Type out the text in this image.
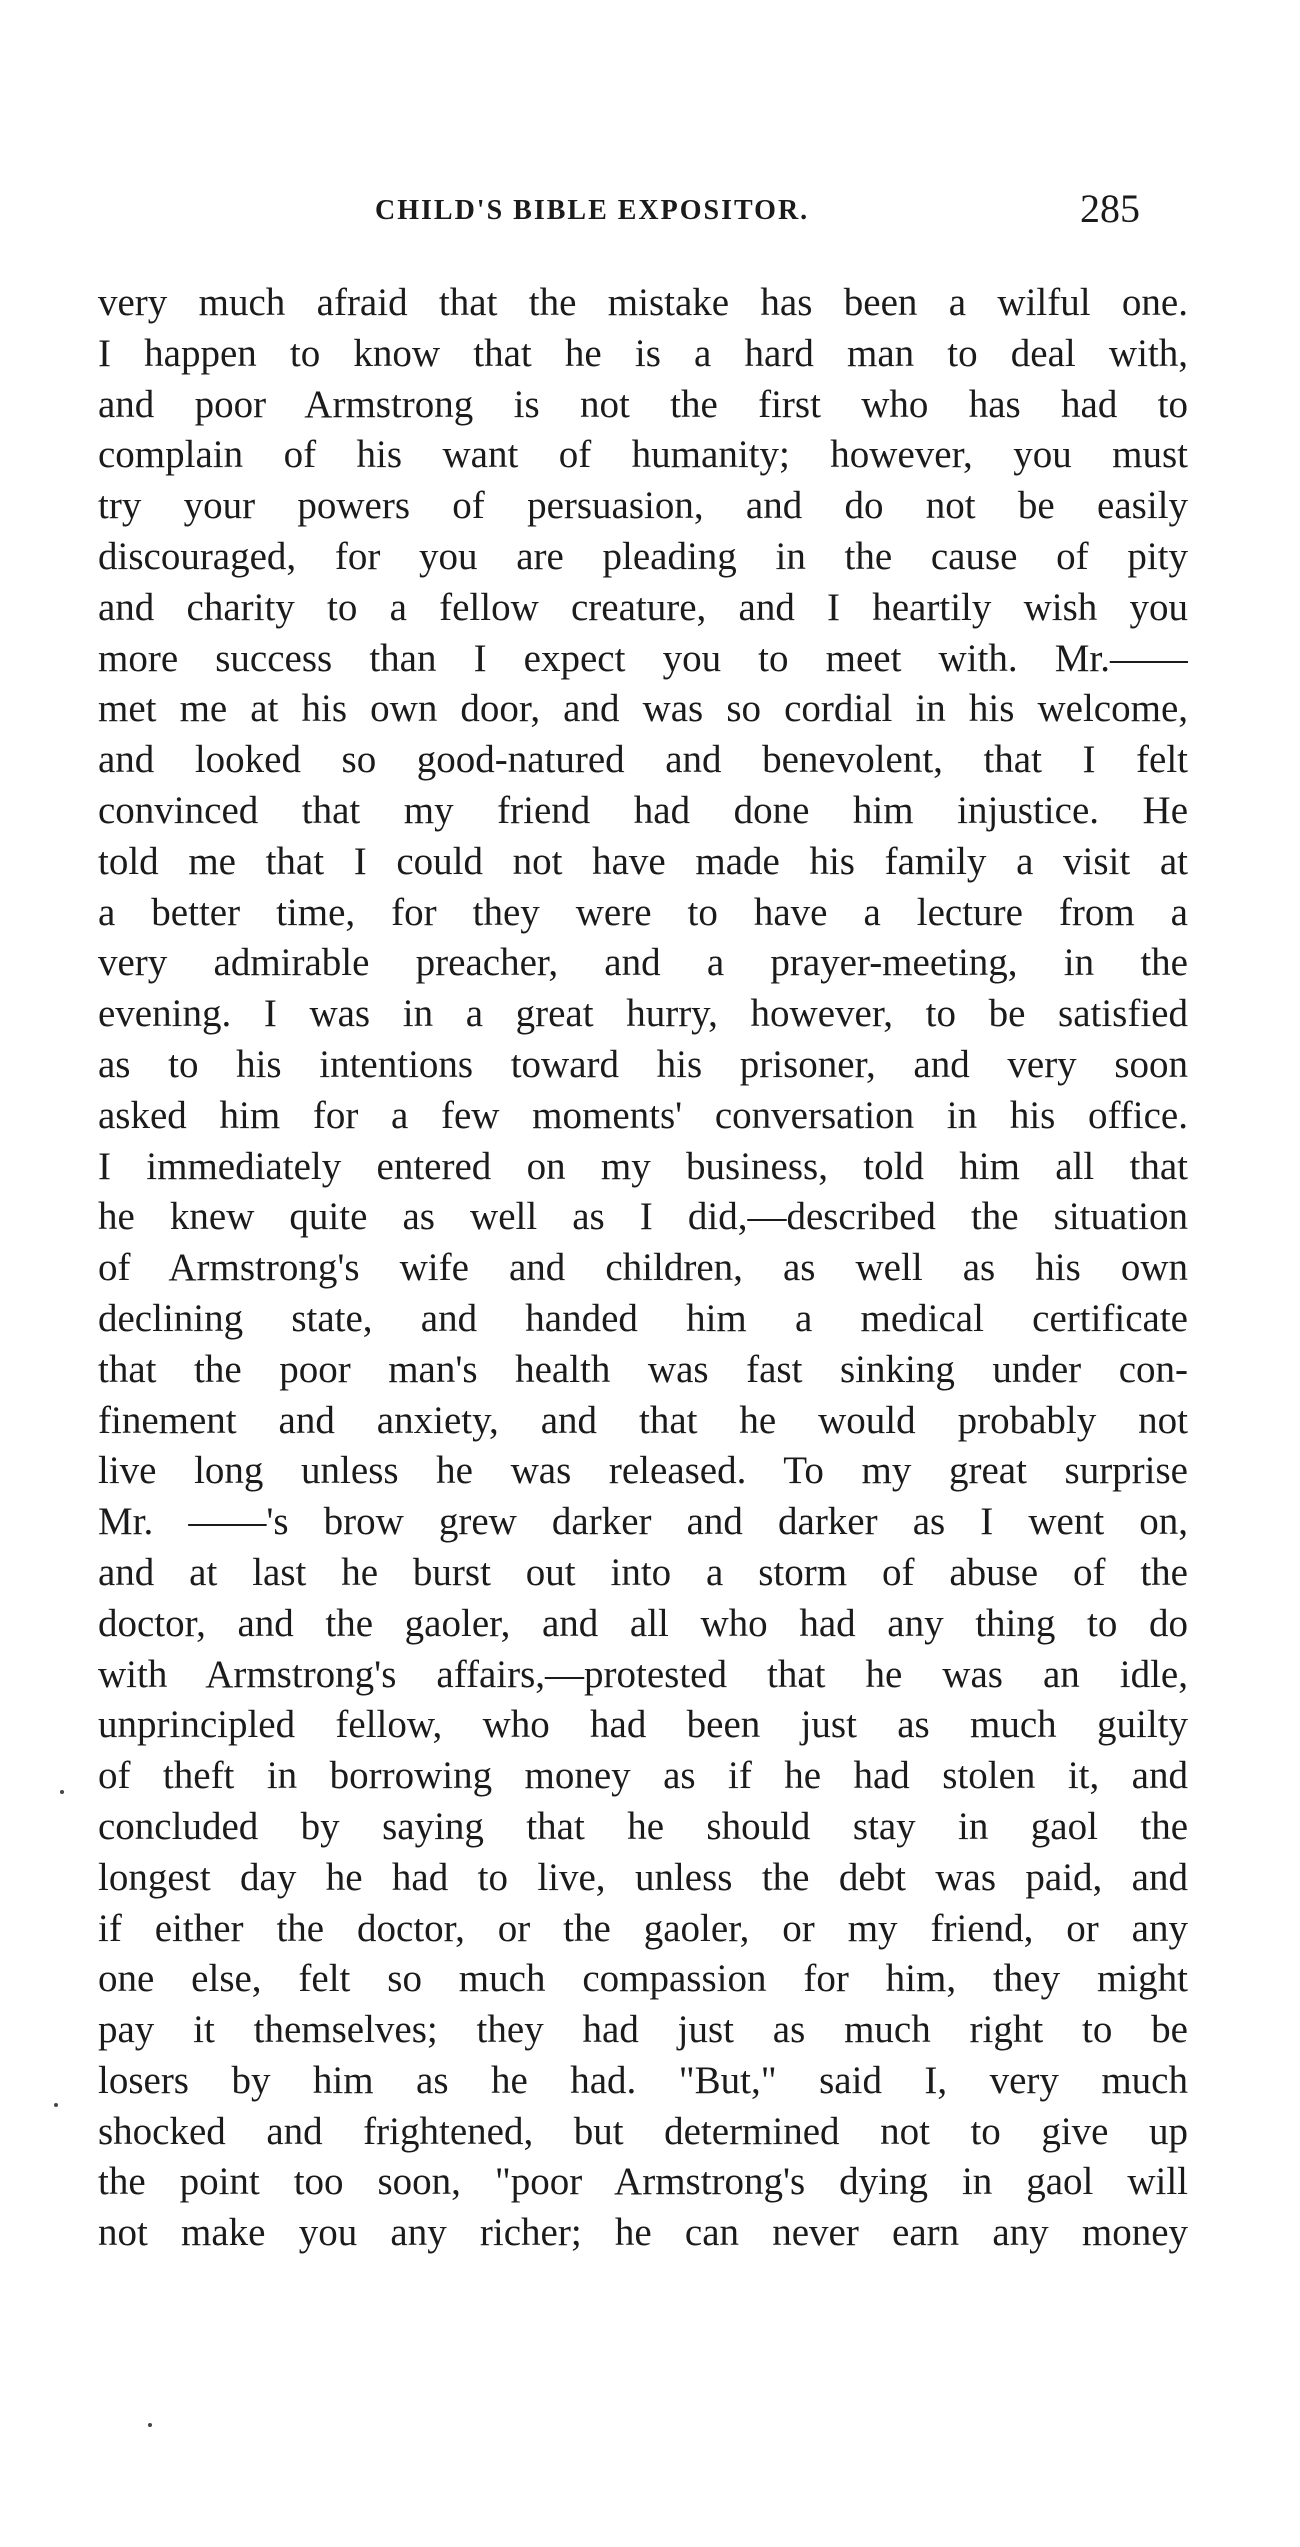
CHILD'S BIBLE EXPOSITOR.	285
very much afraid that the mistake has been a wilful one.
I happen to know that he is a hard man to deal with,
and poor Armstrong is not the first who has had to
complain of his want of humanity; however, you must
try your powers of persuasion, and do not be easily
discouraged, for you are pleading in the cause of pity
and charity to a fellow creature, and I heartily wish you
more success than I expect you to meet with. Mr.——
met me at his own door, and was so cordial in his welcome,
and looked so good-natured and benevolent, that I felt
convinced that my friend had done him injustice. He
told me that I could not have made his family a visit at
a better time, for they were to have a lecture from a
very admirable preacher, and a prayer-meeting, in the
evening. I was in a great hurry, however, to be satisfied
as to his intentions toward his prisoner, and very soon
asked him for a few moments' conversation in his office.
I immediately entered on my business, told him all that
he knew quite as well as I did,—described the situation
of Armstrong's wife and children, as well as his own
declining state, and handed him a medical certificate
that the poor man's health was fast sinking under con-
finement and anxiety, and that he would probably not
live long unless he was released. To my great surprise
Mr. ——'s brow grew darker and darker as I went on,
and at last he burst out into a storm of abuse of the
doctor, and the gaoler, and all who had any thing to do
with Armstrong's affairs,—protested that he was an idle,
unprincipled fellow, who had been just as much guilty
of theft in borrowing money as if he had stolen it, and
concluded by saying that he should stay in gaol the
longest day he had to live, unless the debt was paid, and
if either the doctor, or the gaoler, or my friend, or any
one else, felt so much compassion for him, they might
pay it themselves; they had just as much right to be
losers by him as he had. "But," said I, very much
shocked and frightened, but determined not to give up
the point too soon, "poor Armstrong's dying in gaol will
not make you any richer; he can never earn any money
